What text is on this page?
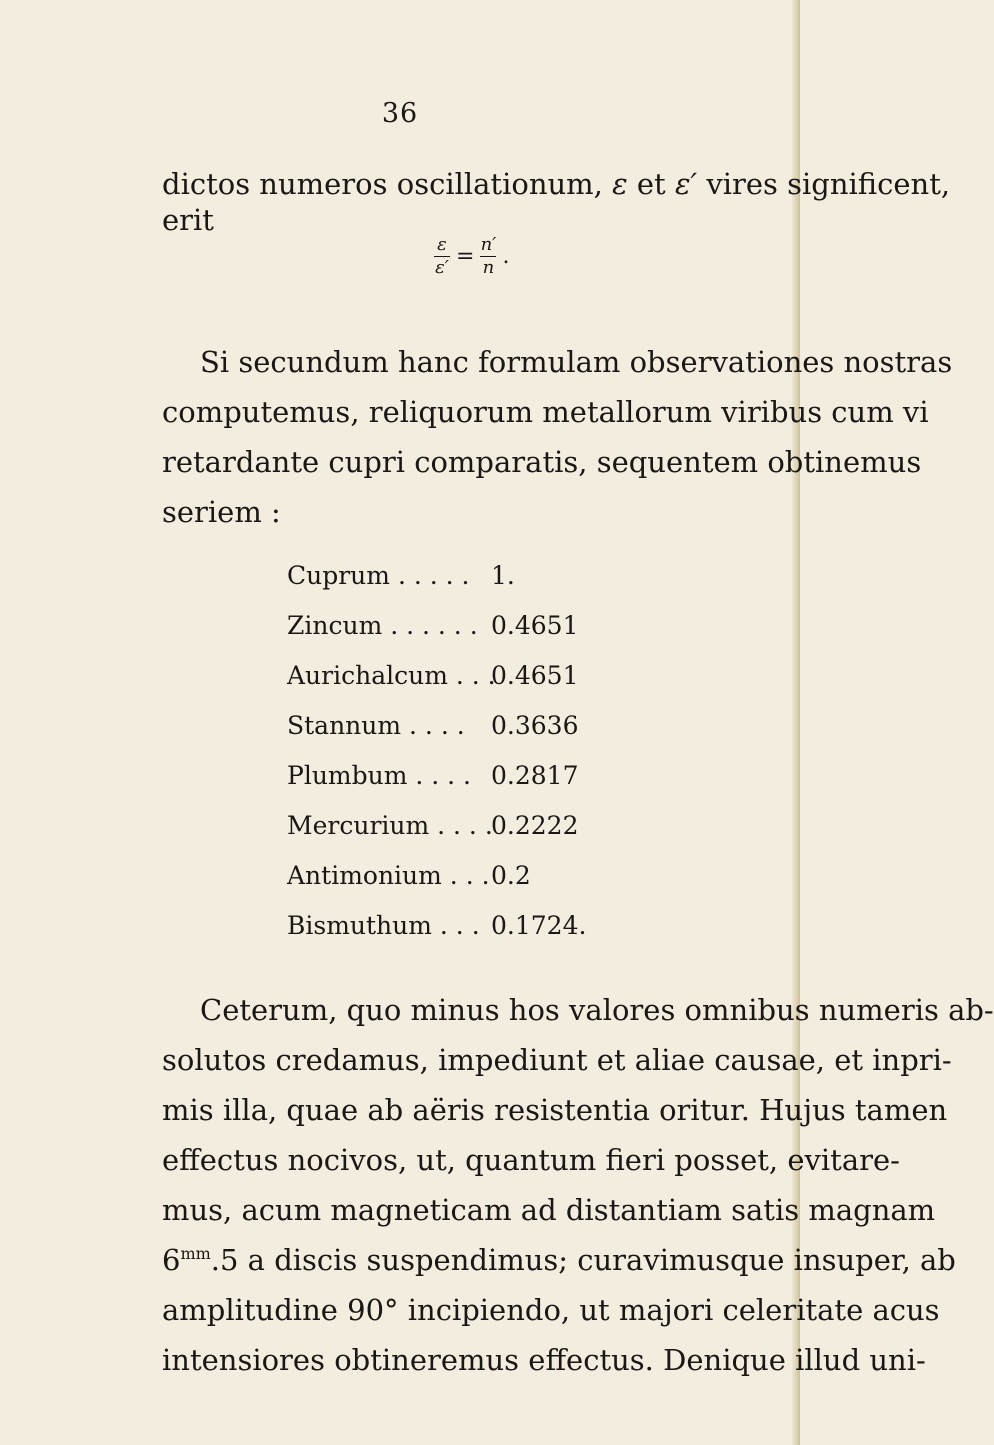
36
dictos numeros oscillationum, ε et ε′ vires significent,
erit
$\frac{\varepsilon}{\varepsilon'} = \frac{n'}{n}$ .
Si secundum hanc formulam observationes nostras
computemus, reliquorum metallorum viribus cum vi
retardante cupri comparatis, sequentem obtinemus
seriem :
Cuprum . . . . . 1.
Zincum . . . . . . 0.4651
Aurichalcum . . .
0.4651
Stannum . . . . 0.3636
Plumbum . . . . 0.2817
Mercurium . . . .
0.2222
Antimonium . . . 0.2
Bismuthum . . . 0.1724.
Ceterum, quo minus hos valores omnibus numeris ab-
solutos credamus, impediunt et aliae causae, et inpri-
mis illa, quae ab aëris resistentia oritur. Hujus tamen
effectus nocivos, ut, quantum fieri posset, evitare-
mus, acum magneticam ad distantiam satis magnam
$6^{mm}.5$ a discis suspendimus; curavimusque insuper, ab
amplitudine 90° incipiendo, ut majori celeritate acus
intensiores obtineremus effectus. Denique illud uni-
